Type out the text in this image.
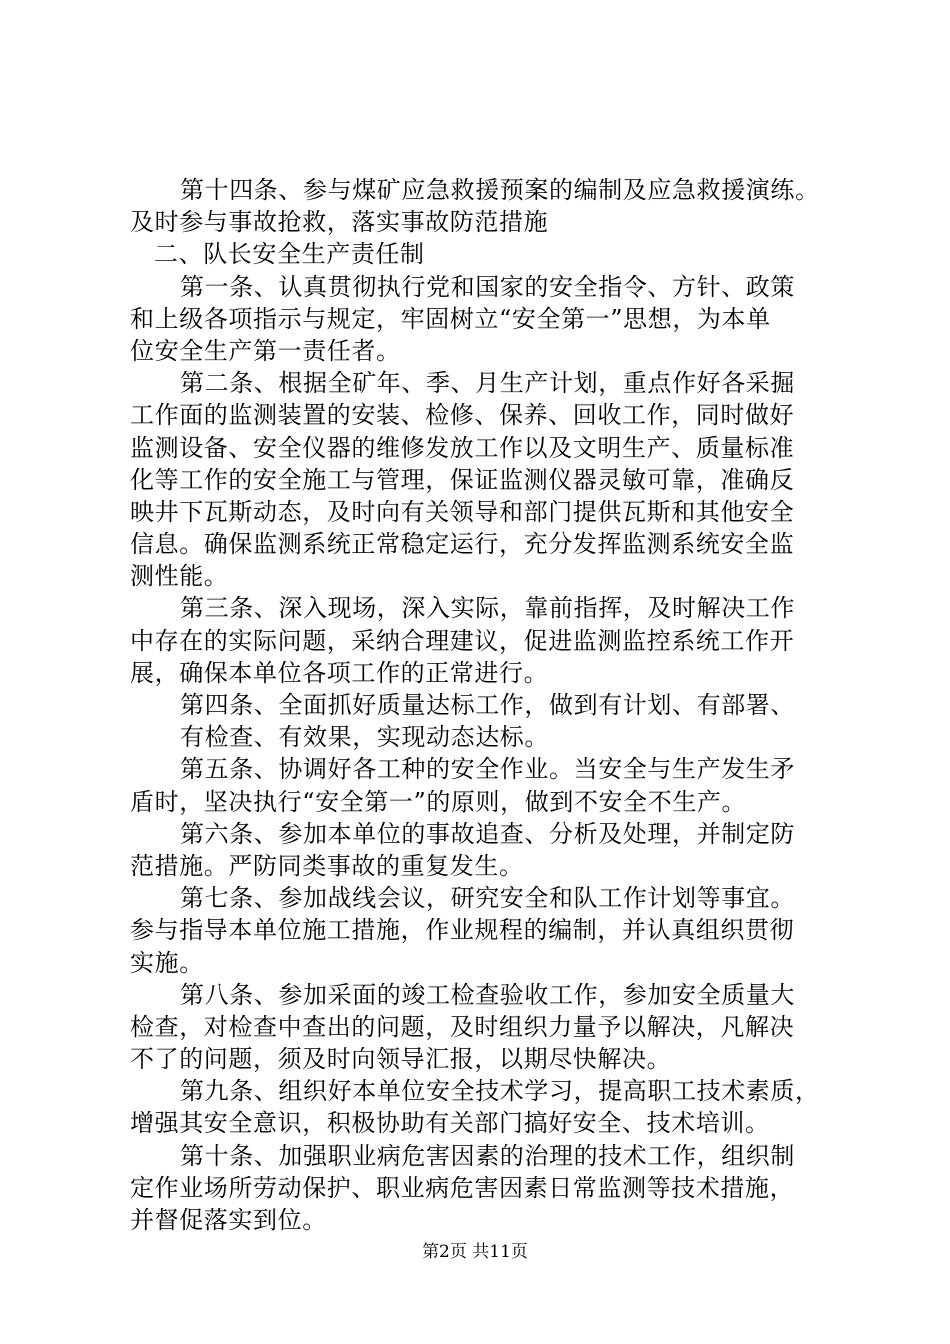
第十四条、参与煤矿应急救援预案的编制及应急救援演练。
及时参与事故抢救，落实事故防范措施
二、队长安全生产责任制
第一条、认真贯彻执行党和国家的安全指令、方针、政策
和上级各项指示与规定，牢固树立“安全第一”思想，为本单
位安全生产第一责任者。
第二条、根据全矿年、季、月生产计划，重点作好各采掘
工作面的监测装置的安装、检修、保养、回收工作，同时做好
监测设备、安全仪器的维修发放工作以及文明生产、质量标准
化等工作的安全施工与管理，保证监测仪器灵敏可靠，准确反
映井下瓦斯动态，及时向有关领导和部门提供瓦斯和其他安全
信息。确保监测系统正常稳定运行，充分发挥监测系统安全监
测性能。
第三条、深入现场，深入实际，靠前指挥，及时解决工作
中存在的实际问题，采纳合理建议，促进监测监控系统工作开
展，确保本单位各项工作的正常进行。
第四条、全面抓好质量达标工作，做到有计划、有部署、
有检查、有效果，实现动态达标。
第五条、协调好各工种的安全作业。当安全与生产发生矛
盾时，坚决执行“安全第一”的原则，做到不安全不生产。
第六条、参加本单位的事故追查、分析及处理，并制定防
范措施。严防同类事故的重复发生。
第七条、参加战线会议，研究安全和队工作计划等事宜。
参与指导本单位施工措施，作业规程的编制，并认真组织贯彻
实施。
第八条、参加采面的竣工检查验收工作，参加安全质量大
检查，对检查中查出的问题，及时组织力量予以解决，凡解决
不了的问题，须及时向领导汇报，以期尽快解决。
第九条、组织好本单位安全技术学习，提高职工技术素质，
增强其安全意识，积极协助有关部门搞好安全、技术培训。
第十条、加强职业病危害因素的治理的技术工作，组织制
定作业场所劳动保护、职业病危害因素日常监测等技术措施，
并督促落实到位。
第2页 共11页
